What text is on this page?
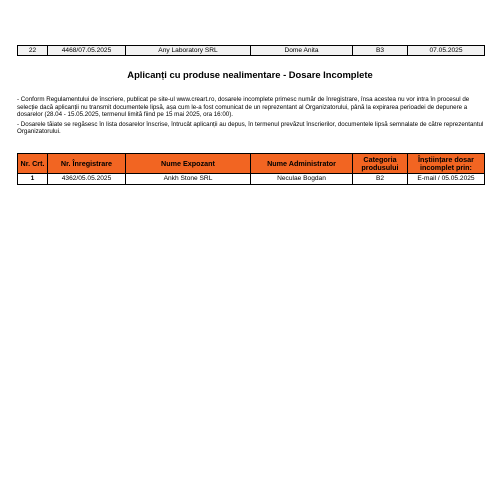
22	4468/07.05.2025	Any Laboratory SRL	Dome Anita	B3	07.05.2025
Aplicanți cu produse nealimentare - Dosare Incomplete

- Conform Regulamentului de înscriere, publicat pe site-ul www.creart.ro, dosarele incomplete primesc număr de înregistrare, însa acestea nu vor intra în procesul de selecție dacă aplicanții nu transmit documentele lipsă, așa cum le-a fost comunicat de un reprezentant al Organizatorului, până la expirarea perioadei de depunere a dosarelor (28.04 - 15.05.2025, termenul limită fiind pe 15 mai 2025, ora 16:00).

- Dosarele tăiate se regăsesc în lista dosarelor înscrise, întrucât aplicanții au depus, în termenul prevăzut înscrierilor, documentele lipsă semnalate de către reprezentantul Organizatorului.

Nr. Crt.	Nr. Înregistrare	Nume Expozant	Nume Administrator	Categoria produsului	Înștiințare dosar incomplet prin:
1	4362/05.05.2025	Ankh Stone SRL	Neculae Bogdan	B2	E-mail / 05.05.2025
